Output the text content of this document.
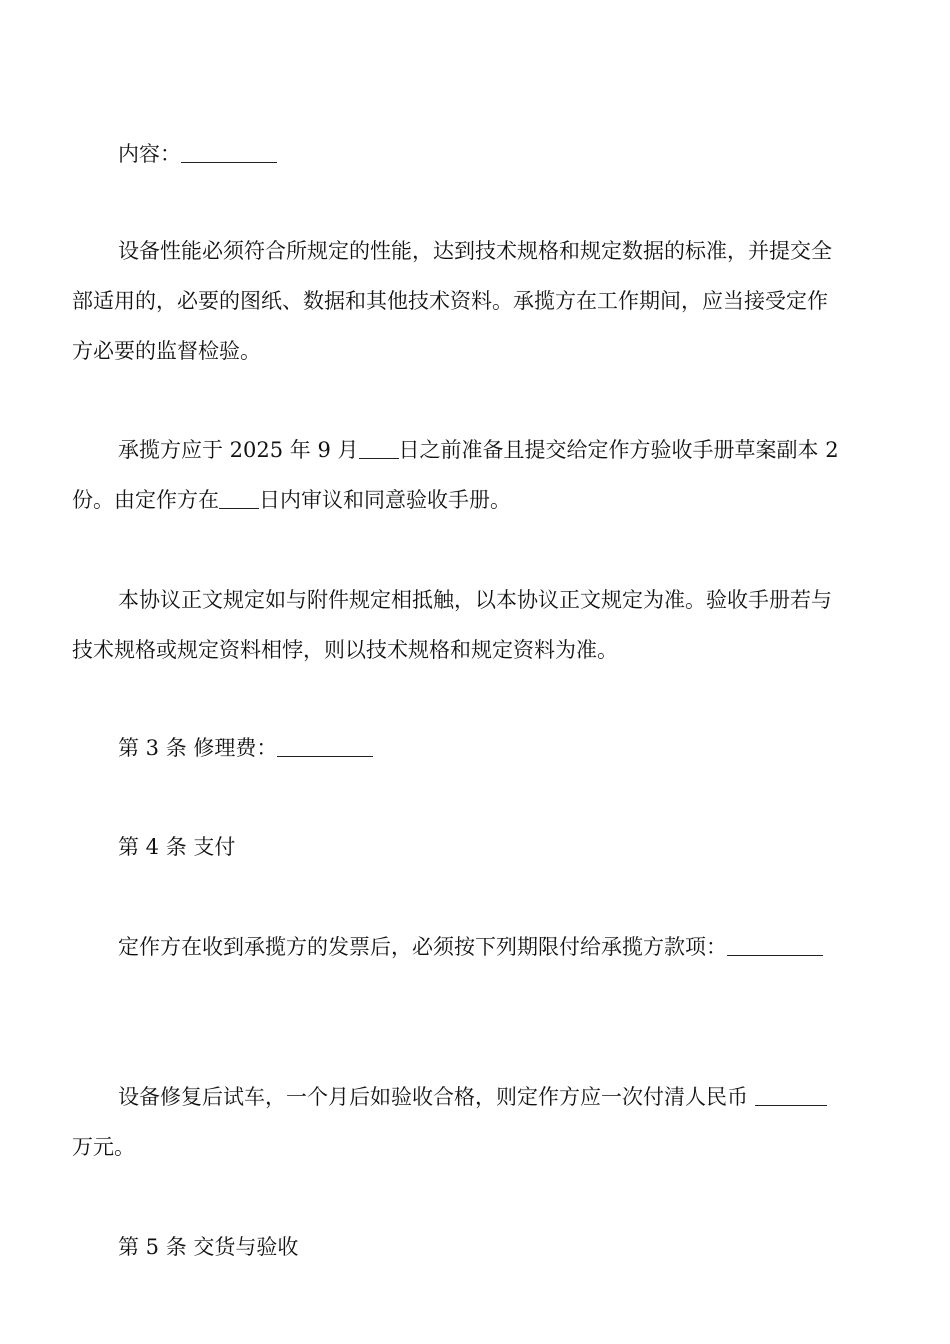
内容：

设备性能必须符合所规定的性能，达到技术规格和规定数据的标准，并提交全
部适用的，必要的图纸、数据和其他技术资料。承揽方在工作期间，应当接受定作
方必要的监督检验。

承揽方应于 2025 年 9 月 日之前准备且提交给定作方验收手册草案副本 2
份。由定作方在 日内审议和同意验收手册。

本协议正文规定如与附件规定相抵触，以本协议正文规定为准。验收手册若与
技术规格或规定资料相悖，则以技术规格和规定资料为准。

第 3 条 修理费：

第 4 条 支付

定作方在收到承揽方的发票后，必须按下列期限付给承揽方款项：

设备修复后试车，一个月后如验收合格，则定作方应一次付清人民币
万元。

第 5 条 交货与验收
